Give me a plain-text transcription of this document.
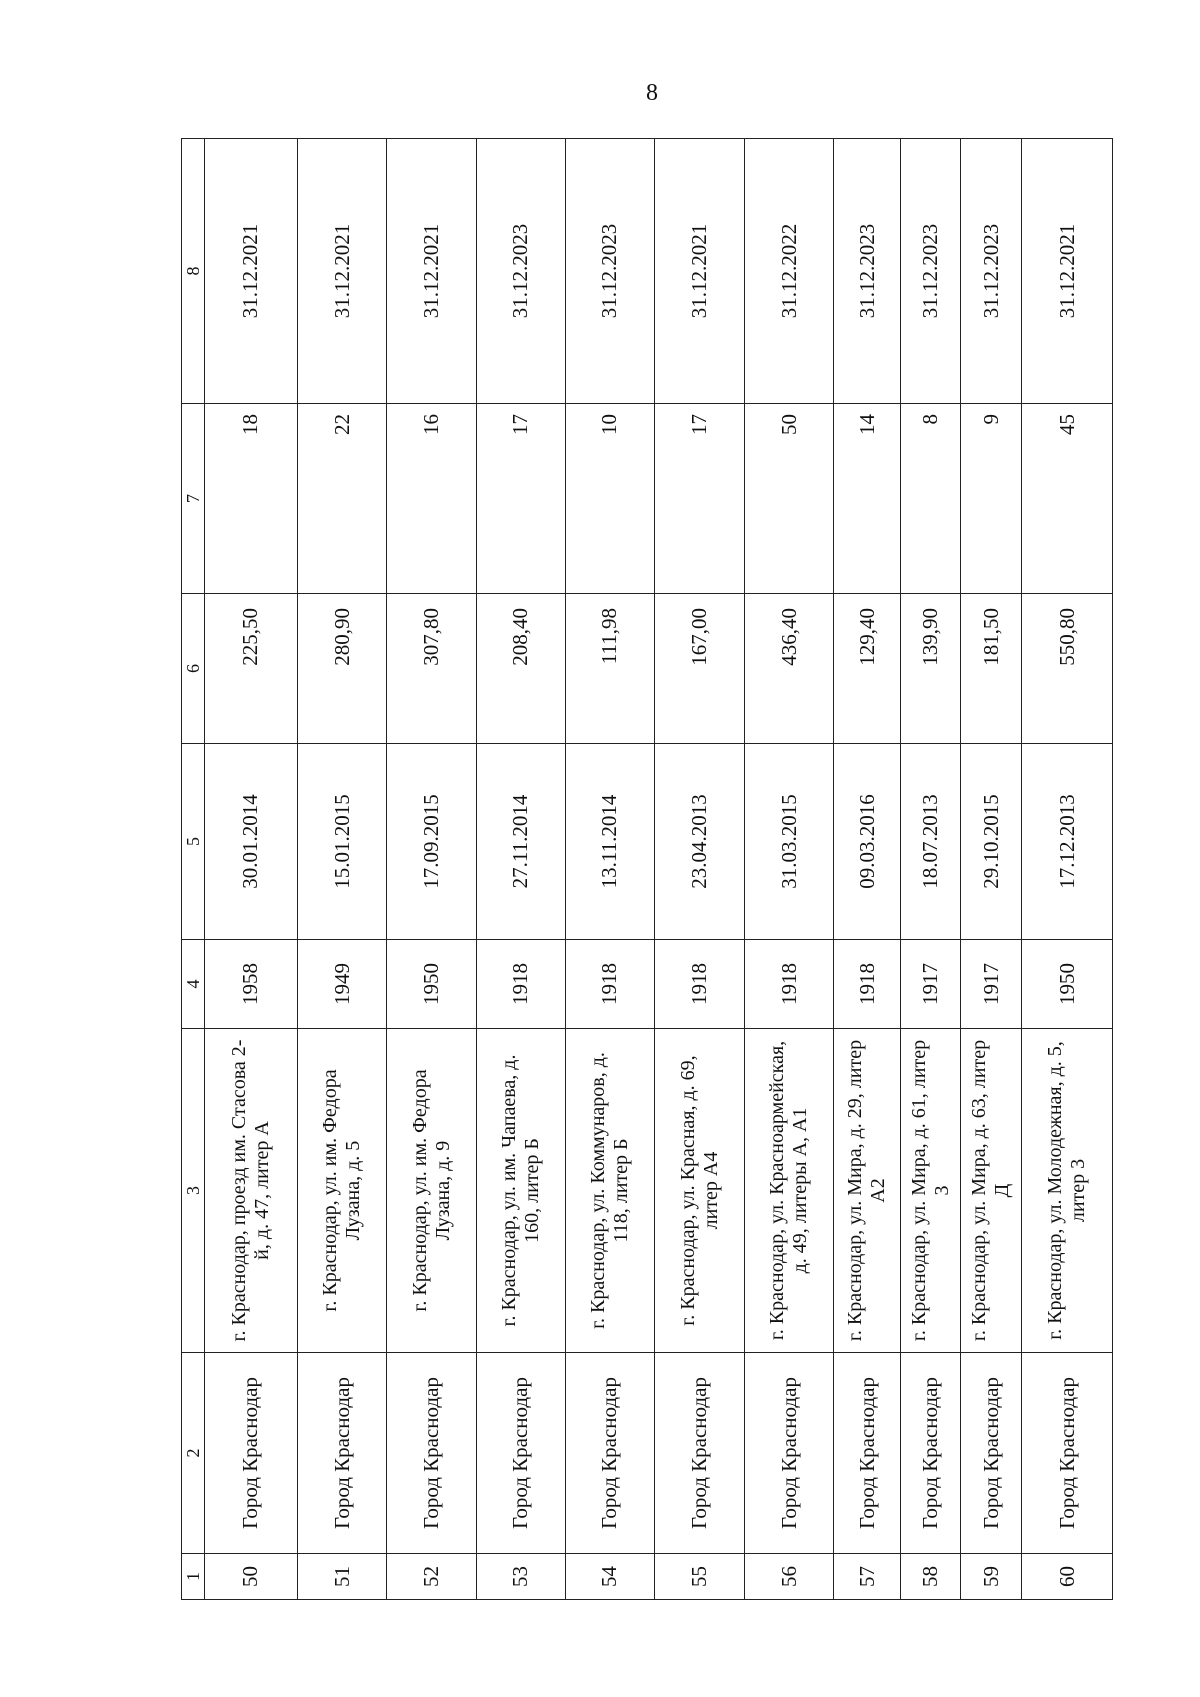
8
1	2	3	4	5	6	7	8
50	Город Краснодар	г. Краснодар, проезд им. Стасова 2-й, д. 47, литер А	1958	30.01.2014	225,50	18	31.12.2021
51	Город Краснодар	г. Краснодар, ул. им. Федора Лузана, д. 5	1949	15.01.2015	280,90	22	31.12.2021
52	Город Краснодар	г. Краснодар, ул. им. Федора Лузана, д. 9	1950	17.09.2015	307,80	16	31.12.2021
53	Город Краснодар	г. Краснодар, ул. им. Чапаева, д. 160, литер Б	1918	27.11.2014	208,40	17	31.12.2023
54	Город Краснодар	г. Краснодар, ул. Коммунаров, д. 118, литер Б	1918	13.11.2014	111,98	10	31.12.2023
55	Город Краснодар	г. Краснодар, ул. Красная, д. 69, литер А4	1918	23.04.2013	167,00	17	31.12.2021
56	Город Краснодар	г. Краснодар, ул. Красноармейская, д. 49, литеры А, А1	1918	31.03.2015	436,40	50	31.12.2022
57	Город Краснодар	г. Краснодар, ул. Мира, д. 29, литер А2	1918	09.03.2016	129,40	14	31.12.2023
58	Город Краснодар	г. Краснодар, ул. Мира, д. 61, литер 3	1917	18.07.2013	139,90	8	31.12.2023
59	Город Краснодар	г. Краснодар, ул. Мира, д. 63, литер Д	1917	29.10.2015	181,50	9	31.12.2023
60	Город Краснодар	г. Краснодар, ул. Молодежная, д. 5, литер 3	1950	17.12.2013	550,80	45	31.12.2021
